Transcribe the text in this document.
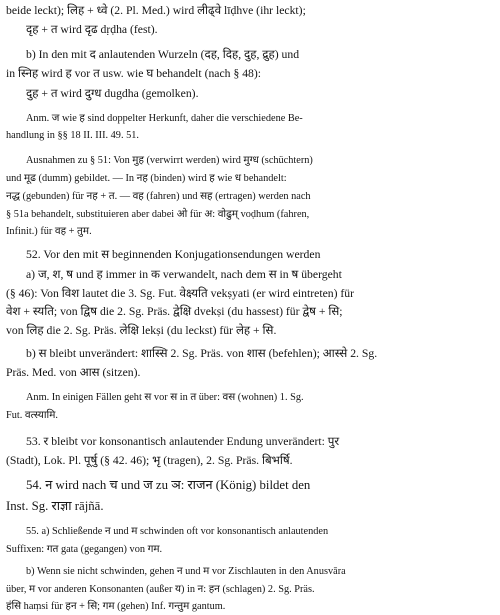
beide leckt); लिह + ध्वे (2. Pl. Med.) wird लीढ्वे līḍhve (ihr leckt);
दृह + त wird दृढ dṛḍha (fest).
b) In den mit द anlautenden Wurzeln (दह, दिह, दुह, द्रुह) und
in स्निह wird ह vor त usw. wie घ behandelt (nach § 48):
दुह + त wird दुग्ध dugdha (gemolken).
Anm. ज wie ह sind doppelter Herkunft, daher die verschiedene Be-
handlung in §§ 18 II. III. 49. 51.
Ausnahmen zu § 51: Von मुह (verwirrt werden) wird मुग्ध (schüchtern)
und मूढ (dumm) gebildet. — In नह (binden) wird ह wie ध behandelt:
नद्ध (gebunden) für नह + त. — वह (fahren) und सह (ertragen) werden nach
§ 51a behandelt, substituieren aber dabei ओ für अ: वोढुम् voḍhum (fahren,
Infinit.) für वह + तुम.
52. Vor den mit स beginnenden Konjugationsendungen werden
a) ज, श, ष und ह immer in क verwandelt, nach dem स in ष übergeht
(§ 46): Von विश lautet die 3. Sg. Fut. वेक्ष्यति vekṣyati (er wird eintreten) für
वेश + स्यति; von द्विष die 2. Sg. Präs. द्वेक्षि dvekṣi (du hassest) für द्वेष + सि;
von लिह die 2. Sg. Präs. लेक्षि lekṣi (du leckst) für लेह + सि.
b) स bleibt unverändert: शास्सि 2. Sg. Präs. von शास (befehlen); आस्से 2. Sg.
Präs. Med. von आस (sitzen).
Anm. In einigen Fällen geht स vor स in त über: वस (wohnen) 1. Sg.
Fut. वत्स्यामि.
53. र bleibt vor konsonantisch anlautender Endung unverändert: पुर
(Stadt), Lok. Pl. पूर्षु (§ 42. 46); भृ (tragen), 2. Sg. Präs. बिभर्षि.
54. न wird nach च und ज zu ञ: राजन (König) bildet den
Inst. Sg. राज्ञा rājñā.
55. a) Schließende न und म schwinden oft vor konsonantisch anlautenden
Suffixen: गत gata (gegangen) von गम.
b) Wenn sie nicht schwinden, gehen न und म vor Zischlauten in den Anusvāra
über, म vor anderen Konsonanten (außer य) in न: हन (schlagen) 2. Sg. Präs.
हंसि haṃsi für हन + सि; गम (gehen) Inf. गन्तुम gantum.
